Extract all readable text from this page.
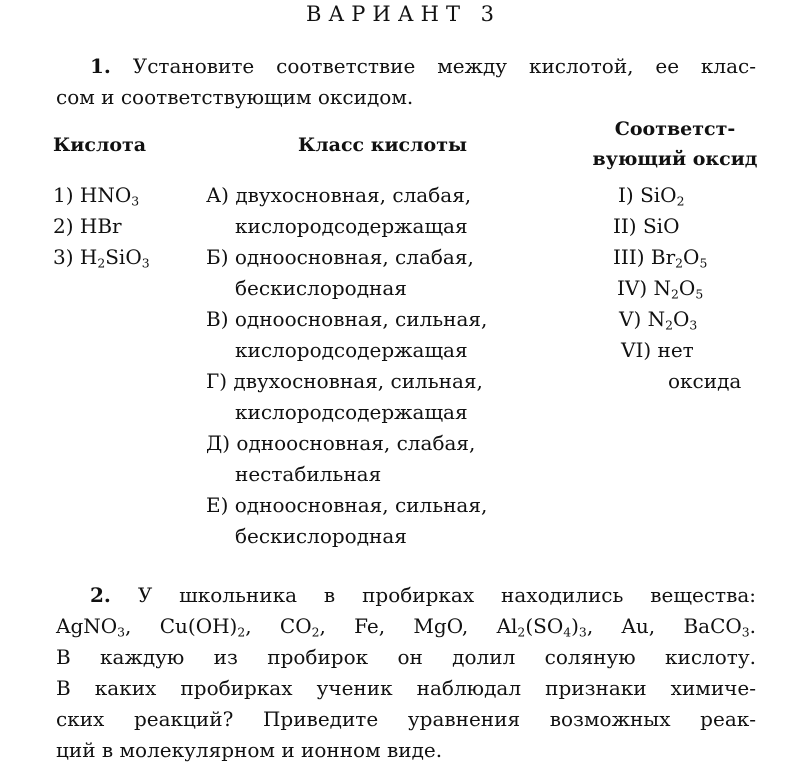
ВАРИАНТ 3
1. Установите соответствие между кислотой, ее клас-
сом и соответствующим оксидом.
Кислота	Класс кислоты
Соответст-
вующий оксид
1) $HNO_3$
2) HBr
3) $H_2SiO_3$
А) двухосновная, слабая,
кислородсодержащая
Б) одноосновная, слабая,
бескислородная
В) одноосновная, сильная,
кислородсодержащая
Г) двухосновная, сильная,
кислородсодержащая
Д) одноосновная, слабая,
нестабильная
Е) одноосновная, сильная,
бескислородная
I) SiO$_2$
II) SiO
III) $Br_2O_5$
IV) $N_2O_5$
V) $N_2O_3$
VI) нет
оксида
2. У школьника в пробирках находились вещества:
AgNO$_3$, $Cu(OH)_2$, $CO_2$, Fe, MgO, $Al_2(SO_4)_3$, Au, BaCO$_3$.
В каждую из пробирок он долил соляную кислоту.
В каких пробирках ученик наблюдал признаки химиче-
ских реакций? Приведите уравнения возможных реак-
ций в молекулярном и ионном виде.
